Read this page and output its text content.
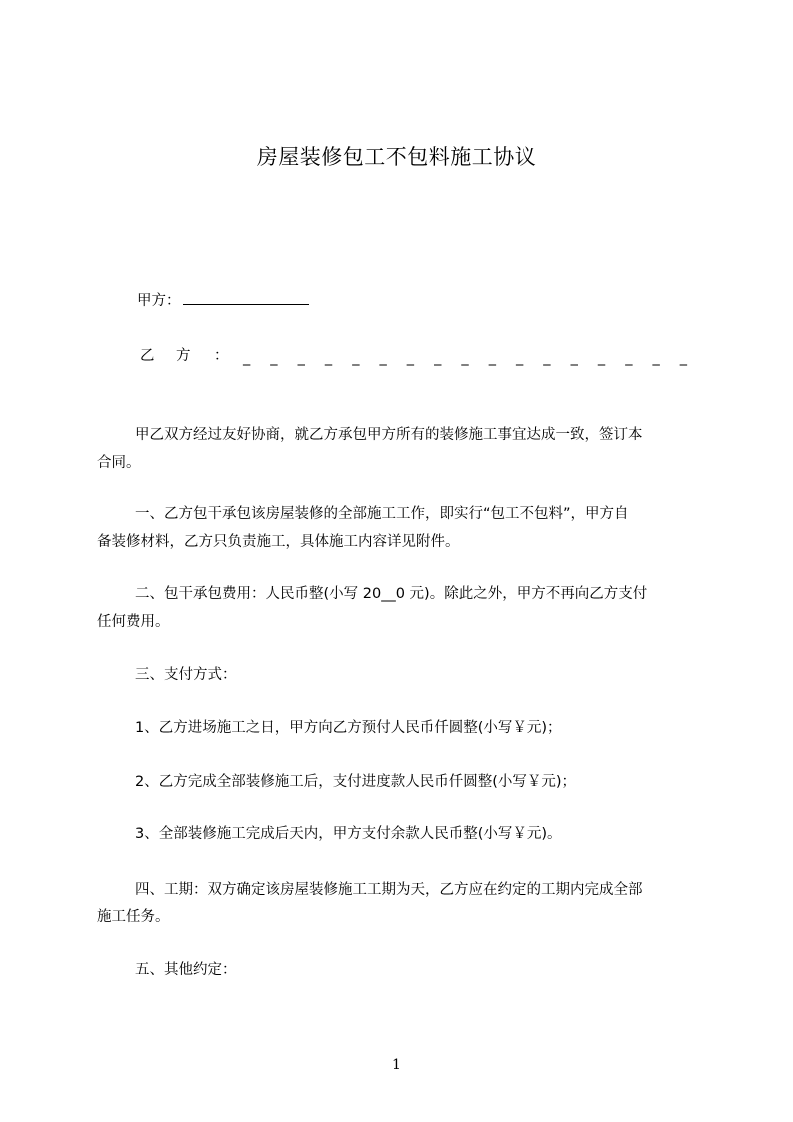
房屋装修包工不包料施工协议
甲方：
乙 方 ： _ _ _ _ _ _ _ _ _ _ _ _ _ _ _ _ _
甲乙双方经过友好协商，就乙方承包甲方所有的装修施工事宜达成一致，签订本
合同。
一、乙方包干承包该房屋装修的全部施工工作，即实行“包工不包料”，甲方自
备装修材料，乙方只负责施工，具体施工内容详见附件。
二、包干承包费用：人民币整(小写 20__0 元)。除此之外，甲方不再向乙方支付
任何费用。
三、支付方式：
1、乙方进场施工之日，甲方向乙方预付人民币仟圆整(小写￥元)；
2、乙方完成全部装修施工后，支付进度款人民币仟圆整(小写￥元)；
3、全部装修施工完成后天内，甲方支付余款人民币整(小写￥元)。
四、工期：双方确定该房屋装修施工工期为天，乙方应在约定的工期内完成全部
施工任务。
五、其他约定：
1
